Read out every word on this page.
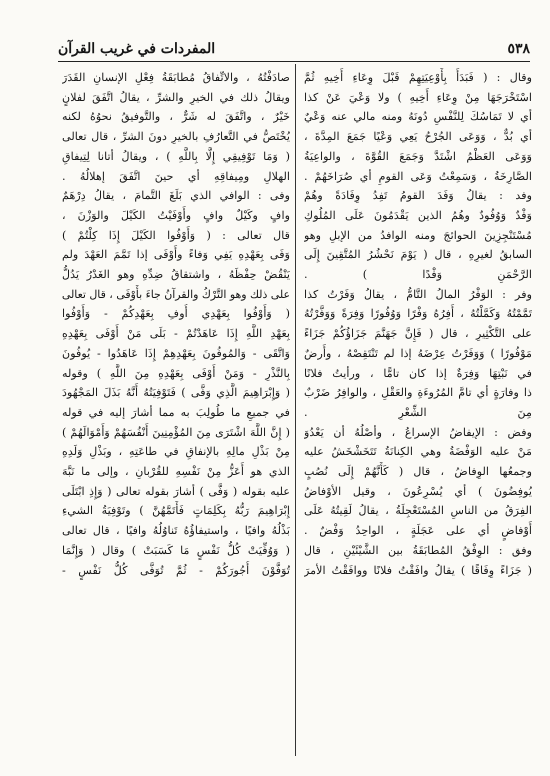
٥٣٨
المفردات في غريب القرآن

وقال : ( فَبَدَأَ بِأَوْعِيَتِهِمْ قَبْلَ وِعَاءِ أَخِيهِ ثُمَّ

اسْتَخْرَجَهَا مِنْ وِعَاءِ أَخِيهِ ) ولا وَعْيَ عَنْ كذا

أي لا تَمَاسُكَ لِلنَّفْسِ دُونَهُ ومنه مالي عنه وَعْيٌ

أي بُدٌّ ، وَوَعَى الجُرْحُ يَعِي وَعْيًا جَمَعَ المِدَّةَ ،

وَوَعَى العَظْمُ اشْتَدَّ وَجَمَعَ القُوَّةَ ، والواعِيَةُ

الصَّارِخَةُ ، وَسَمِعْتُ وَعَى القومِ أي صُرَاخَهُمْ .

وفد : يقالُ وَفَدَ القومُ تَفِدُ وِفَادَةً وهُمْ

وَفْدٌ وَوُفُودٌ وهُمُ الذين يَقْدَمُونَ عَلَى المُلُوكِ

مُسْتَنْجِزِينَ الحوائجَ ومنه الوافدُ من الإبلِ وهو

السابقُ لغيرِهِ ، قال ( يَوْمَ نَحْشُرُ المُتَّقِينَ إِلَى

الرَّحْمَنِ وَفْدًا ) .

وفر : الوَفْرُ المالُ التَّامُّ ، يقالُ وَفَرْتُ كذا

تَمَّمْتُهُ وَكَمَّلْتُهُ ، أَفِرُهُ وَفْرًا وَوُفُورًا وَفِرَةً وَوَفَّرْتُهُ

على التَّكْثِيرِ ، قال ( فَإِنَّ جَهَنَّمَ جَزَاؤُكُمْ جَزَاءً

مَوْفُورًا ) وَوَفَرْتُ عِرْضَهُ إذا لم تَنْتَقِصْهُ ، وأَرضٌ

في نَبْتِهَا وَفِرَةٌ إذا كان تامًّا ، ورأيتُ فلانًا

ذا وفارَةٍ أي تامَّ المُرُوءَةِ والعَقْلِ ، والوافِرُ ضَرْبٌ

مِنَ الشِّعْرِ .

وفض : الإيفاضُ الإسراعُ ، وأصْلُهُ أن يَعْدُوَ

مَنْ عليه الوَفْضَةُ وهي الكِنانَةُ تَتَخَشْخَشُ عليه

وجمعُها الوِفاضُ ، قال ( كَأَنَّهُمْ إِلَى نُصُبٍ

يُوفِضُونَ ) أي يُسْرِعُونَ ، وقيل الأوْفاضُ

الفِرَقُ من الناسِ المُسْتَعْجِلَةُ ، يقالُ لَقِيتُهُ عَلَى

أَوْفاضٍ أي على عَجَلَةٍ ، الواحِدُ وَفْضٌ .

وفق : الوِفْقُ المُطابَقَةُ بين الشَّيْئَيْنِ ، قال

( جَزَاءً وِفَاقًا ) يقالُ وافَقْتُ فلانًا ووافَقْتُ الأمرَ

صادَفْتُهُ ، والاتِّفاقُ مُطابَقَةُ فِعْلِ الإنسانِ القَدَرَ

ويقالُ ذلك في الخيرِ والشرِّ ، يقالُ اتَّفَقَ لفلانٍ

خَيْرٌ ، واتَّفَقَ له شَرٌّ ، والتَّوفيقُ نحوُهُ لكنه

يُخْتَصُّ في التَّعارُفِ بالخيرِ دونَ الشرِّ ، قال تعالى

( وَمَا تَوْفِيقِي إِلَّا بِاللَّهِ ) ، ويقالُ أتانا لِتِيفاقِ

الهلالِ ومِيفاقِهِ أي حينَ اتَّفَقَ إهلالُهُ .

وفى : الوافي الذي بَلَغَ التَّمامَ ، يقالُ دِرْهَمٌ

وافٍ وكَيْلٌ وافٍ وأَوْفَيْتُ الكَيْلَ والوَزْنَ ،

قال تعالى : ( وَأَوْفُوا الكَيْلَ إِذَا كِلْتُمْ )

وَفَى بِعَهْدِهِ يَفِي وَفاءً وأَوْفَى إذا تَمَّمَ العَهْدَ ولم

يَنْقُضْ حِفْظَهُ ، واشتقاقُ ضِدِّهِ وهو الغَدْرُ يَدُلُّ

على ذلك وهو التَّرْكُ والقرآنُ جاءَ بأَوْفَى ، قال تعالى

( وَأَوْفُوا بِعَهْدِي أُوفِ بِعَهْدِكُمْ - وَأَوْفُوا

بِعَهْدِ اللَّهِ إِذَا عَاهَدْتُمْ - بَلَى مَنْ أَوْفَى بِعَهْدِهِ

وَاتَّقَى - وَالمُوفُونَ بِعَهْدِهِمْ إِذَا عَاهَدُوا - يُوفُونَ

بِالنَّذْرِ - وَمَنْ أَوْفَى بِعَهْدِهِ مِنَ اللَّهِ ) وقوله

( وَإِبْرَاهِيمَ الَّذِي وَفَّى ) فَتَوْفِيَتُهُ أَنَّهُ بَذَلَ المَجْهُودَ

في جميعِ ما طُولِبَ به مما أشارَ إليه في قوله

( إِنَّ اللَّهَ اشْتَرَى مِنَ المُؤْمِنِينَ أَنْفُسَهُمْ وَأَمْوَالَهُمْ )

مِنْ بَذْلِ مالِهِ بالإنفاقِ في طاعَتِهِ ، وبَذْلِ وَلَدِهِ

الذي هو أَعَزُّ مِنْ نَفْسِهِ للقُرْبانِ ، وإلى ما نَبَّهَ

عليه بقوله ( وَفَّى ) أشارَ بقوله تعالى ( وَإِذِ ابْتَلَى

إِبْرَاهِيمَ رَبُّهُ بِكَلِمَاتٍ فَأَتَمَّهُنَّ ) وتَوْفِيَةُ الشيءِ

بَذْلُهُ وافيًا ، واستيفاؤُهُ تَناوُلُهُ وافيًا ، قال تعالى

( وَوُفِّيَتْ كُلُّ نَفْسٍ مَا كَسَبَتْ ) وقال ( وَإِنَّمَا

تُوَفَّوْنَ أُجُورَكُمْ - ثُمَّ تُوَفَّى كُلُّ نَفْسٍ -
